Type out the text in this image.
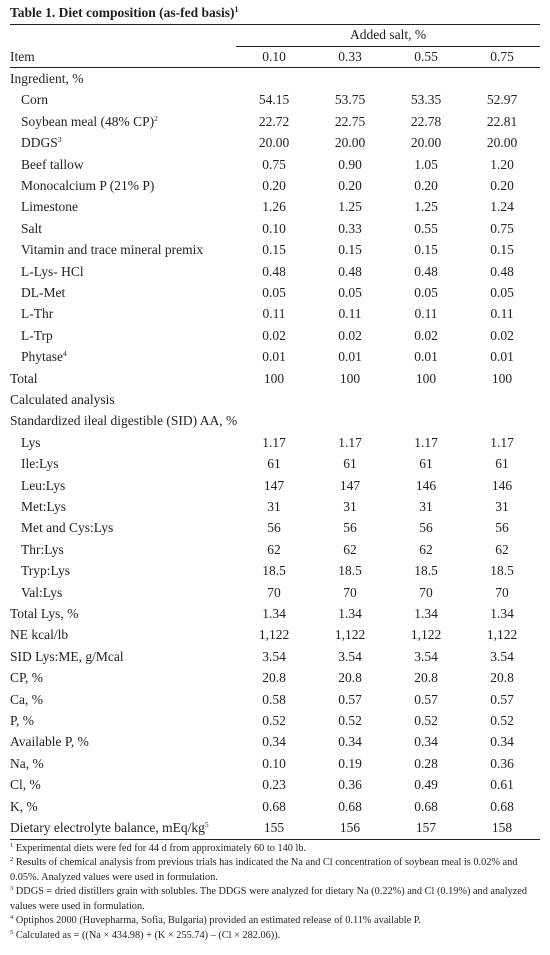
Table 1. Diet composition (as-fed basis)$^1$
	Added salt, %			
Item	0.10	0.33	0.55	0.75
Ingredient, %				
Corn	54.15	53.75	53.35	52.97
Soybean meal (48% CP)$^2$	22.72	22.75	22.78	22.81
DDGS$^3$	20.00	20.00	20.00	20.00
Beef tallow	0.75	0.90	1.05	1.20
Monocalcium P (21% P)	0.20	0.20	0.20	0.20
Limestone	1.26	1.25	1.25	1.24
Salt	0.10	0.33	0.55	0.75
Vitamin and trace mineral premix	0.15	0.15	0.15	0.15
L-Lys- HCl	0.48	0.48	0.48	0.48
DL-Met	0.05	0.05	0.05	0.05
L-Thr	0.11	0.11	0.11	0.11
L-Trp	0.02	0.02	0.02	0.02
Phytase$^4$	0.01	0.01	0.01	0.01
Total	100	100	100	100
Calculated analysis				
Standardized ileal digestible (SID) AA, %				
Lys	1.17	1.17	1.17	1.17
Ile:Lys	61	61	61	61
Leu:Lys	147	147	146	146
Met:Lys	31	31	31	31
Met and Cys:Lys	56	56	56	56
Thr:Lys	62	62	62	62
Tryp:Lys	18.5	18.5	18.5	18.5
Val:Lys	70	70	70	70
Total Lys, %	1.34	1.34	1.34	1.34
NE kcal/lb	1,122	1,122	1,122	1,122
SID Lys:ME, g/Mcal	3.54	3.54	3.54	3.54
CP, %	20.8	20.8	20.8	20.8
Ca, %	0.58	0.57	0.57	0.57
P, %	0.52	0.52	0.52	0.52
Available P, %	0.34	0.34	0.34	0.34
Na, %	0.10	0.19	0.28	0.36
Cl, %	0.23	0.36	0.49	0.61
K, %	0.68	0.68	0.68	0.68
Dietary electrolyte balance, mEq/$kg^5$	155	156	157	158
$^1$ Experimental diets were fed for 44 d from approximately 60 to 140 lb.
$^2$ Results of chemical analysis from previous trials has indicated the Na and Cl concentration of soybean meal is 0.02% and 0.05%. Analyzed values were used in formulation.
$^3$ DDGS = dried distillers grain with solubles. The DDGS were analyzed for dietary Na (0.22%) and Cl (0.19%) and analyzed values were used in formulation.
$^4$ Optiphos 2000 (Huvepharma, Sofia, Bulgaria) provided an estimated release of 0.11% available P.
$^5$ Calculated as = ((Na × 434.98) + (K × 255.74) – (Cl × 282.06)).
